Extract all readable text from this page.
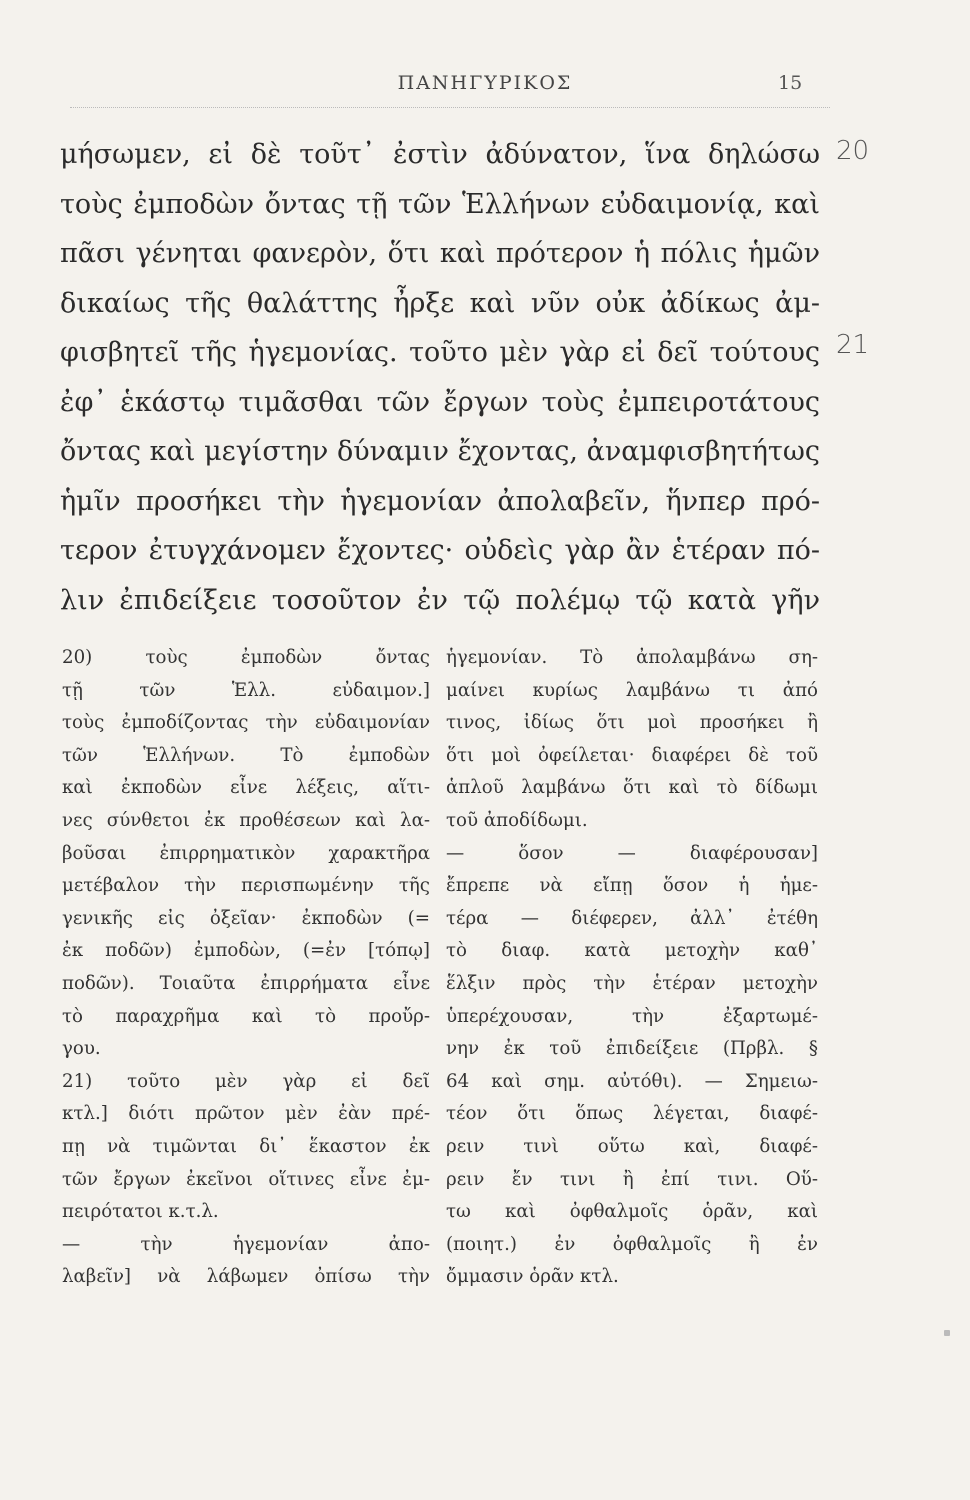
ΠΑΝΗΓΥΡΙΚΟΣ	15
μήσωμεν, εἰ δὲ τοῦτ᾽ ἐστὶν ἀδύνατον, ἵνα δηλώσω
τοὺς ἐμποδὼν ὄντας τῇ τῶν Ἑλλήνων εὐδαιμονίᾳ, καὶ
πᾶσι γένηται φανερὸν, ὅτι καὶ πρότερον ἡ πόλις ἡμῶν
δικαίως τῆς θαλάττης ἦρξε καὶ νῦν οὐκ ἀδίκως ἀμ-
φισβητεῖ τῆς ἡγεμονίας. τοῦτο μὲν γὰρ εἰ δεῖ τούτους
ἐφ᾽ ἑκάστῳ τιμᾶσθαι τῶν ἔργων τοὺς ἐμπειροτάτους
ὄντας καὶ μεγίστην δύναμιν ἔχοντας, ἀναμφισβητήτως
ἡμῖν προσήκει τὴν ἡγεμονίαν ἀπολαβεῖν, ἥνπερ πρό-
τερον ἐτυγχάνομεν ἔχοντες· οὐδεὶς γὰρ ἂν ἑτέραν πό-
λιν ἐπιδείξειε τοσοῦτον ἐν τῷ πολέμῳ τῷ κατὰ γῆν
20
21
20) τοὺς ἐμποδὼν ὄντας
τῇ τῶν Ἑλλ. εὐδαιμον.]
τοὺς ἐμποδίζοντας τὴν εὐδαιμονίαν
τῶν Ἑλλήνων. Τὸ ἐμποδὼν
καὶ ἐκποδὼν εἶνε λέξεις, αἵτι-
νες σύνθετοι ἐκ προθέσεων καὶ λα-
βοῦσαι ἐπιρρηματικὸν χαρακτῆρα
μετέβαλον τὴν περισπωμένην τῆς
γενικῆς εἰς ὀξεῖαν· ἐκποδὼν (=
ἐκ ποδῶν) ἐμποδὼν, (=ἐν [τόπῳ]
ποδῶν). Τοιαῦτα ἐπιρρήματα εἶνε
τὸ παραχρῆμα καὶ τὸ προὔρ-
γου.
21) τοῦτο μὲν γὰρ εἰ δεῖ
κτλ.] διότι πρῶτον μὲν ἐὰν πρέ-
πῃ νὰ τιμῶνται δι᾽ ἕκαστον ἐκ
τῶν ἔργων ἐκεῖνοι οἵτινες εἶνε ἐμ-
πειρότατοι κ.τ.λ.
— τὴν ἡγεμονίαν ἀπο-
λαβεῖν] νὰ λάβωμεν ὀπίσω τὴν
ἡγεμονίαν. Τὸ ἀπολαμβάνω ση-
μαίνει κυρίως λαμβάνω τι ἀπό
τινος, ἰδίως ὅτι μοὶ προσήκει ἢ
ὅτι μοὶ ὀφείλεται· διαφέρει δὲ τοῦ
ἁπλοῦ λαμβάνω ὅτι καὶ τὸ δίδωμι
τοῦ ἀποδίδωμι.
— ὅσον — διαφέρουσαν]
ἔπρεπε νὰ εἴπῃ ὅσον ἡ ἡμε-
τέρα — διέφερεν, ἀλλ᾽ ἐτέθη
τὸ διαφ. κατὰ μετοχὴν καθ᾽
ἕλξιν πρὸς τὴν ἑτέραν μετοχὴν
ὑπερέχουσαν, τὴν ἐξαρτωμέ-
νην ἐκ τοῦ ἐπιδείξειε (Πρβλ. §
64 καὶ σημ. αὐτόθι). — Σημειω-
τέον ὅτι ὅπως λέγεται, διαφέ-
ρειν τινὶ οὕτω καὶ, διαφέ-
ρειν ἔν τινι ἢ ἐπί τινι. Οὕ-
τω καὶ ὀφθαλμοῖς ὁρᾶν, καὶ
(ποιητ.) ἐν ὀφθαλμοῖς ἢ ἐν
ὄμμασιν ὁρᾶν κτλ.
